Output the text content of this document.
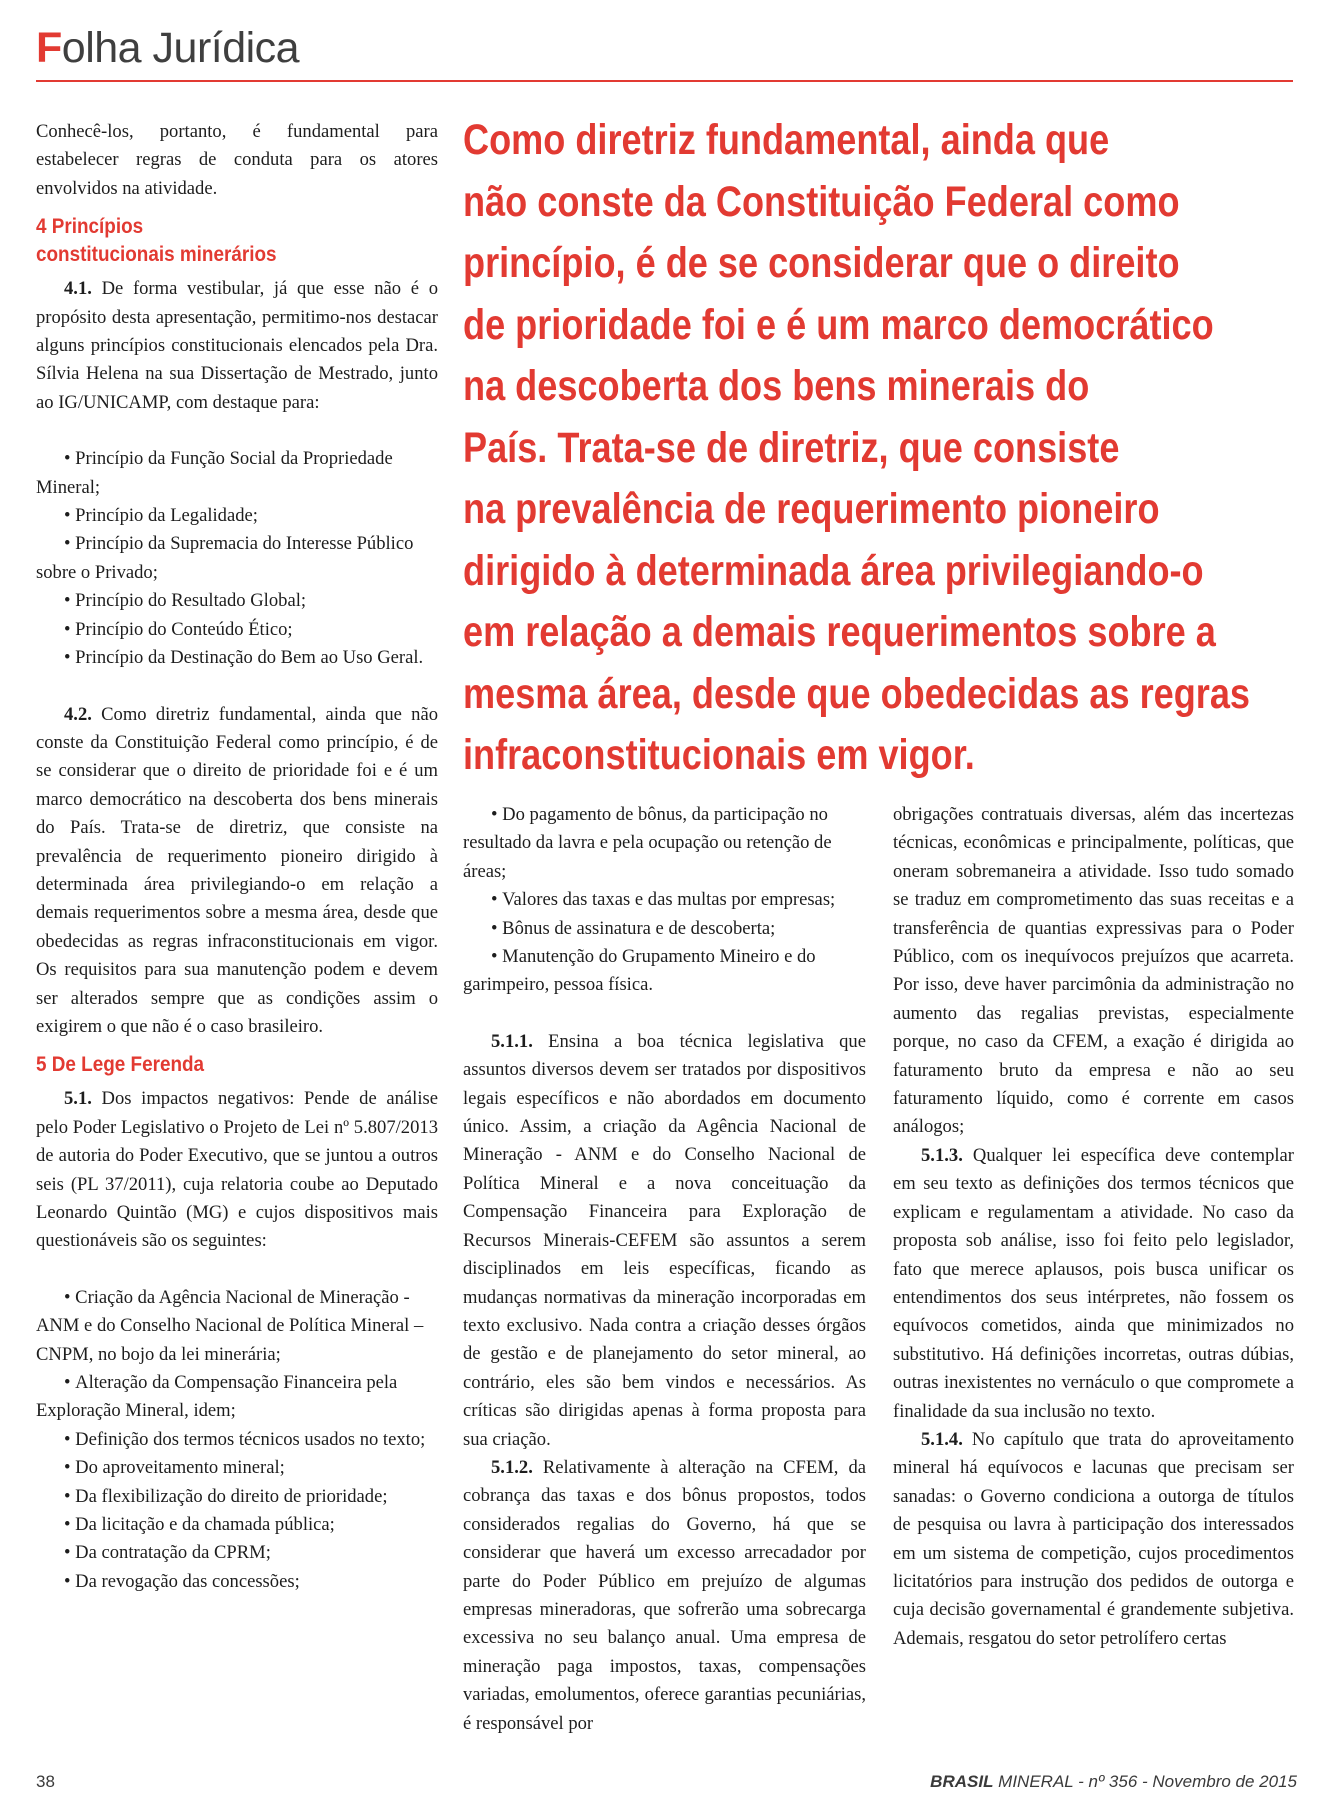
Folha Jurídica

Conhecê-los, portanto, é fundamental para estabelecer regras de conduta para os atores envolvidos na atividade.

4 Princípios
constitucionais minerários

4.1. De forma vestibular, já que esse não é o propósito desta apresentação, permitimo-nos destacar alguns princípios constitucionais elencados pela Dra. Sílvia Helena na sua Dissertação de Mestrado, junto ao IG/UNICAMP, com destaque para:

• Princípio da Função Social da Propriedade Mineral;
• Princípio da Legalidade;
• Princípio da Supremacia do Interesse Público sobre o Privado;
• Princípio do Resultado Global;
• Princípio do Conteúdo Ético;
• Princípio da Destinação do Bem ao Uso Geral.

4.2. Como diretriz fundamental, ainda que não conste da Constituição Federal como princípio, é de se considerar que o direito de prioridade foi e é um marco democrático na descoberta dos bens minerais do País. Trata-se de diretriz, que consiste na prevalência de requerimento pioneiro dirigido à determinada área privilegiando-o em relação a demais requerimentos sobre a mesma área, desde que obedecidas as regras infraconstitucionais em vigor. Os requisitos para sua manutenção podem e devem ser alterados sempre que as condições assim o exigirem o que não é o caso brasileiro.

5 De Lege Ferenda

5.1. Dos impactos negativos: Pende de análise pelo Poder Legislativo o Projeto de Lei nº 5.807/2013 de autoria do Poder Executivo, que se juntou a outros seis (PL 37/2011), cuja relatoria coube ao Deputado Leonardo Quintão (MG) e cujos dispositivos mais questionáveis são os seguintes:

• Criação da Agência Nacional de Mineração - ANM e do Conselho Nacional de Política Mineral – CNPM, no bojo da lei minerária;
• Alteração da Compensação Financeira pela Exploração Mineral, idem;
• Definição dos termos técnicos usados no texto;
• Do aproveitamento mineral;
• Da flexibilização do direito de prioridade;
• Da licitação e da chamada pública;
• Da contratação da CPRM;
• Da revogação das concessões;
Como diretriz fundamental, ainda que
não conste da Constituição Federal como
princípio, é de se considerar que o direito
de prioridade foi e é um marco democrático
na descoberta dos bens minerais do
País. Trata-se de diretriz, que consiste
na prevalência de requerimento pioneiro
dirigido à determinada área privilegiando-o
em relação a demais requerimentos sobre a
mesma área, desde que obedecidas as regras
infraconstitucionais em vigor.
• Do pagamento de bônus, da participação no resultado da lavra e pela ocupação ou retenção de áreas;
• Valores das taxas e das multas por empresas;
• Bônus de assinatura e de descoberta;
• Manutenção do Grupamento Mineiro e do garimpeiro, pessoa física.

5.1.1. Ensina a boa técnica legislativa que assuntos diversos devem ser tratados por dispositivos legais específicos e não abordados em documento único. Assim, a criação da Agência Nacional de Mineração - ANM e do Conselho Nacional de Política Mineral e a nova conceituação da Compensação Financeira para Exploração de Recursos Minerais-CEFEM são assuntos a serem disciplinados em leis específicas, ficando as mudanças normativas da mineração incorporadas em texto exclusivo. Nada contra a criação desses órgãos de gestão e de planejamento do setor mineral, ao contrário, eles são bem vindos e necessários. As críticas são dirigidas apenas à forma proposta para sua criação.

5.1.2. Relativamente à alteração na CFEM, da cobrança das taxas e dos bônus propostos, todos considerados regalias do Governo, há que se considerar que haverá um excesso arrecadador por parte do Poder Público em prejuízo de algumas empresas mineradoras, que sofrerão uma sobrecarga excessiva no seu balanço anual. Uma empresa de mineração paga impostos, taxas, compensações variadas, emolumentos, oferece garantias pecuniárias, é responsável por

obrigações contratuais diversas, além das incertezas técnicas, econômicas e principalmente, políticas, que oneram sobremaneira a atividade. Isso tudo somado se traduz em comprometimento das suas receitas e a transferência de quantias expressivas para o Poder Público, com os inequívocos prejuízos que acarreta. Por isso, deve haver parcimônia da administração no aumento das regalias previstas, especialmente porque, no caso da CFEM, a exação é dirigida ao faturamento bruto da empresa e não ao seu faturamento líquido, como é corrente em casos análogos;

5.1.3. Qualquer lei específica deve contemplar em seu texto as definições dos termos técnicos que explicam e regulamentam a atividade. No caso da proposta sob análise, isso foi feito pelo legislador, fato que merece aplausos, pois busca unificar os entendimentos dos seus intérpretes, não fossem os equívocos cometidos, ainda que minimizados no substitutivo. Há definições incorretas, outras dúbias, outras inexistentes no vernáculo o que compromete a finalidade da sua inclusão no texto.

5.1.4. No capítulo que trata do aproveitamento mineral há equívocos e lacunas que precisam ser sanadas: o Governo condiciona a outorga de títulos de pesquisa ou lavra à participação dos interessados em um sistema de competição, cujos procedimentos licitatórios para instrução dos pedidos de outorga e cuja decisão governamental é grandemente subjetiva. Ademais, resgatou do setor petrolífero certas

38	BRASIL MINERAL - nº 356 - Novembro de 2015
